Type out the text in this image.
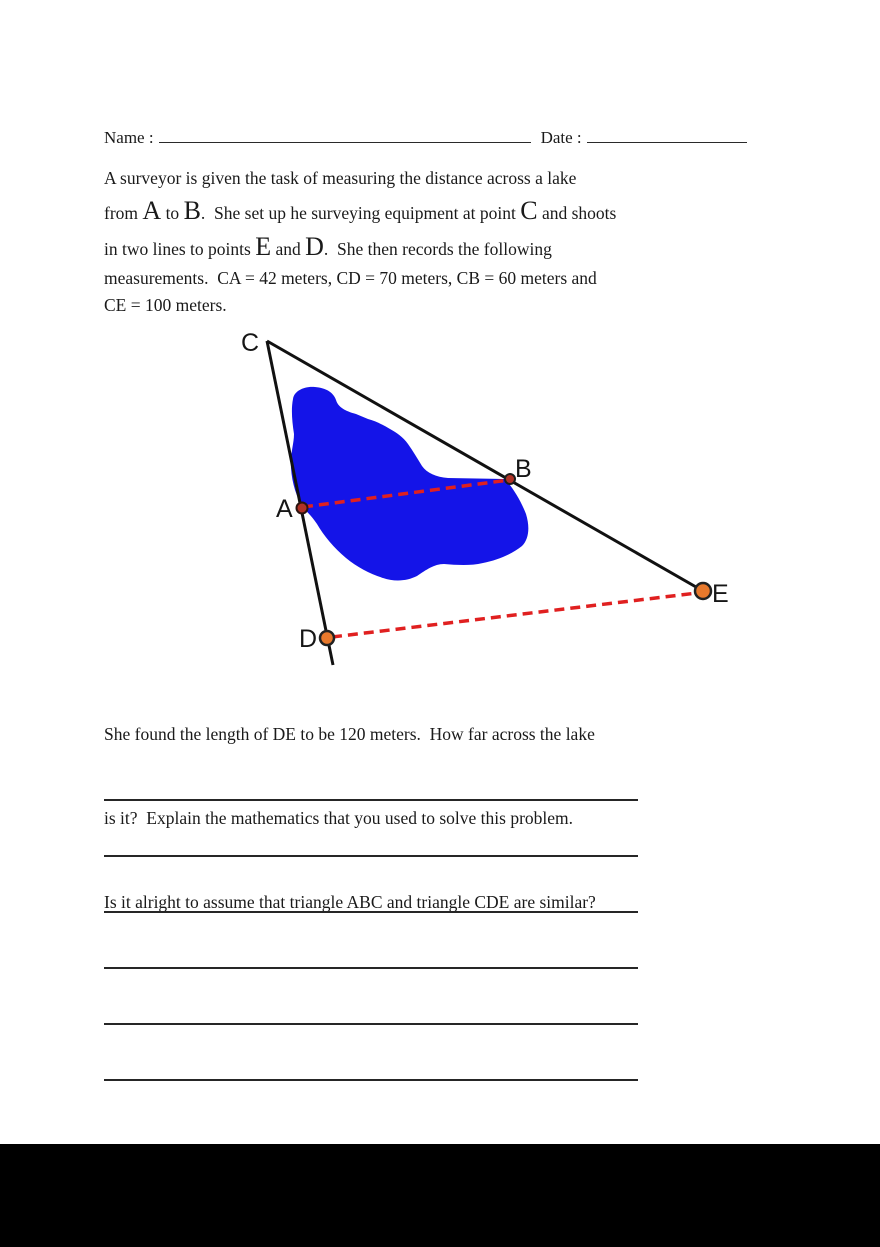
Name :	Date :
A surveyor is given the task of measuring the distance across a lake
from A to B.  She set up he surveying equipment at point C and shoots
in two lines to points E and D.  She then records the following
measurements.  CA = 42 meters, CD = 70 meters, CB = 60 meters and
CE = 100 meters.
C
A
B
D
E

She found the length of DE to be 120 meters.  How far across the lake

is it?  Explain the mathematics that you used to solve this problem.

Is it alright to assume that triangle ABC and triangle CDE are similar?
